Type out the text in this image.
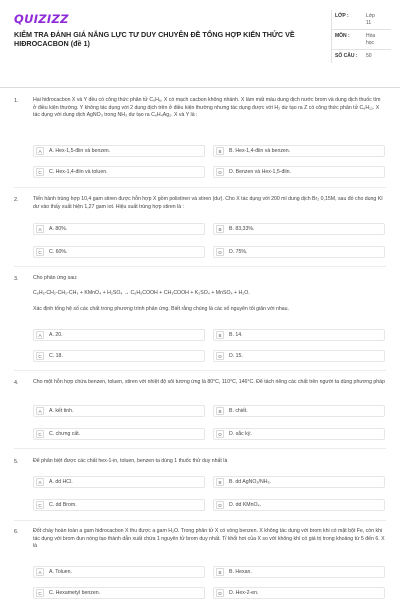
QUIZIZZ
KIỂM TRA ĐÁNH GIÁ NĂNG LỰC TƯ DUY CHUYÊN ĐỀ TỔNG HỢP KIẾN THỨC VỀ HIĐROCACBON (đề 1)
LỚP :	Lớp 11
MÔN :	Hóa học
SỐ CÂU :	50
1.	Hai hiđrocacbon X và Y đều có công thức phân tử C₆H₆, X có mạch cacbon không nhánh. X làm mất màu dung dịch nước brom và dung dịch thuốc tím ở điều kiện thường. Y không tác dụng với 2 dung dịch trên ở điều kiện thường nhưng tác dụng được với H₂ dư tạo ra Z có công thức phân tử C₆H₁₂. X tác dụng với dung dịch AgNO₃ trong NH₃ dư tạo ra C₆H₄Ag₂. X và Y là :
A	A. Hex-1,5-điin và benzen.	B	B. Hex-1,4-điin và benzen.
C	C. Hex-1,4-điin và toluen.	D	D. Benzen và Hex-1,5-điin.
2.	Tiến hành trùng hợp 10,4 gam stiren được hỗn hợp X gồm polistiren và stiren (dư). Cho X tác dụng với 200 ml dung dịch Br₂ 0,15M, sau đó cho dung KI dư vào thấy xuất hiện 1,27 gam iot. Hiệu suất trùng hợp stiren là :
A	A. 80%.	B	B. 83,33%.
C	C. 60%.	D	D. 75%.
3.	Cho phản ứng sau:
C₆H₅-CH₂-CH₂-CH₃ + KMnO₄ + H₂SO₄ → C₆H₅COOH + CH₃COOH + K₂SO₄ + MnSO₄ + H₂O.
Xác định tổng hệ số các chất trong phương trình phản ứng. Biết rằng chúng là các số nguyên tối giản với nhau.
A	A. 20.	B	B. 14.
C	C. 18.	D	D. 15.
4.	Cho một hỗn hợp chứa benzen, toluen, stiren với nhiệt độ sôi tương ứng là 80°C, 110°C, 146°C. Để tách riêng các chất trên người ta dùng phương pháp
A	A. kết tinh.	B	B. chiết.
C	C. chưng cất.	D	D. sắc ký.
5.	Để phân biệt được các chất hex-1-in, toluen, benzen ta dùng 1 thuốc thử duy nhất là
A	A. dd HCl.	B	B. dd AgNO₃/NH₃.
C	C. dd Brom.	D	D. dd KMnO₄.
6.	Đốt cháy hoàn toàn a gam hiđrocacbon X thu được a gam H₂O. Trong phân tử X có vòng benzen. X không tác dụng với brom khi có mặt bột Fe, còn khi tác dụng với brom đun nóng tạo thành dẫn xuất chứa 1 nguyên tử brom duy nhất. Tỉ khối hơi của X so với không khí có giá trị trong khoảng từ 5 đến 6. X là
A	A. Toluen.	B	B. Hexan.
C	C. Hexametyl benzen.	D	D. Hex-2-en.
